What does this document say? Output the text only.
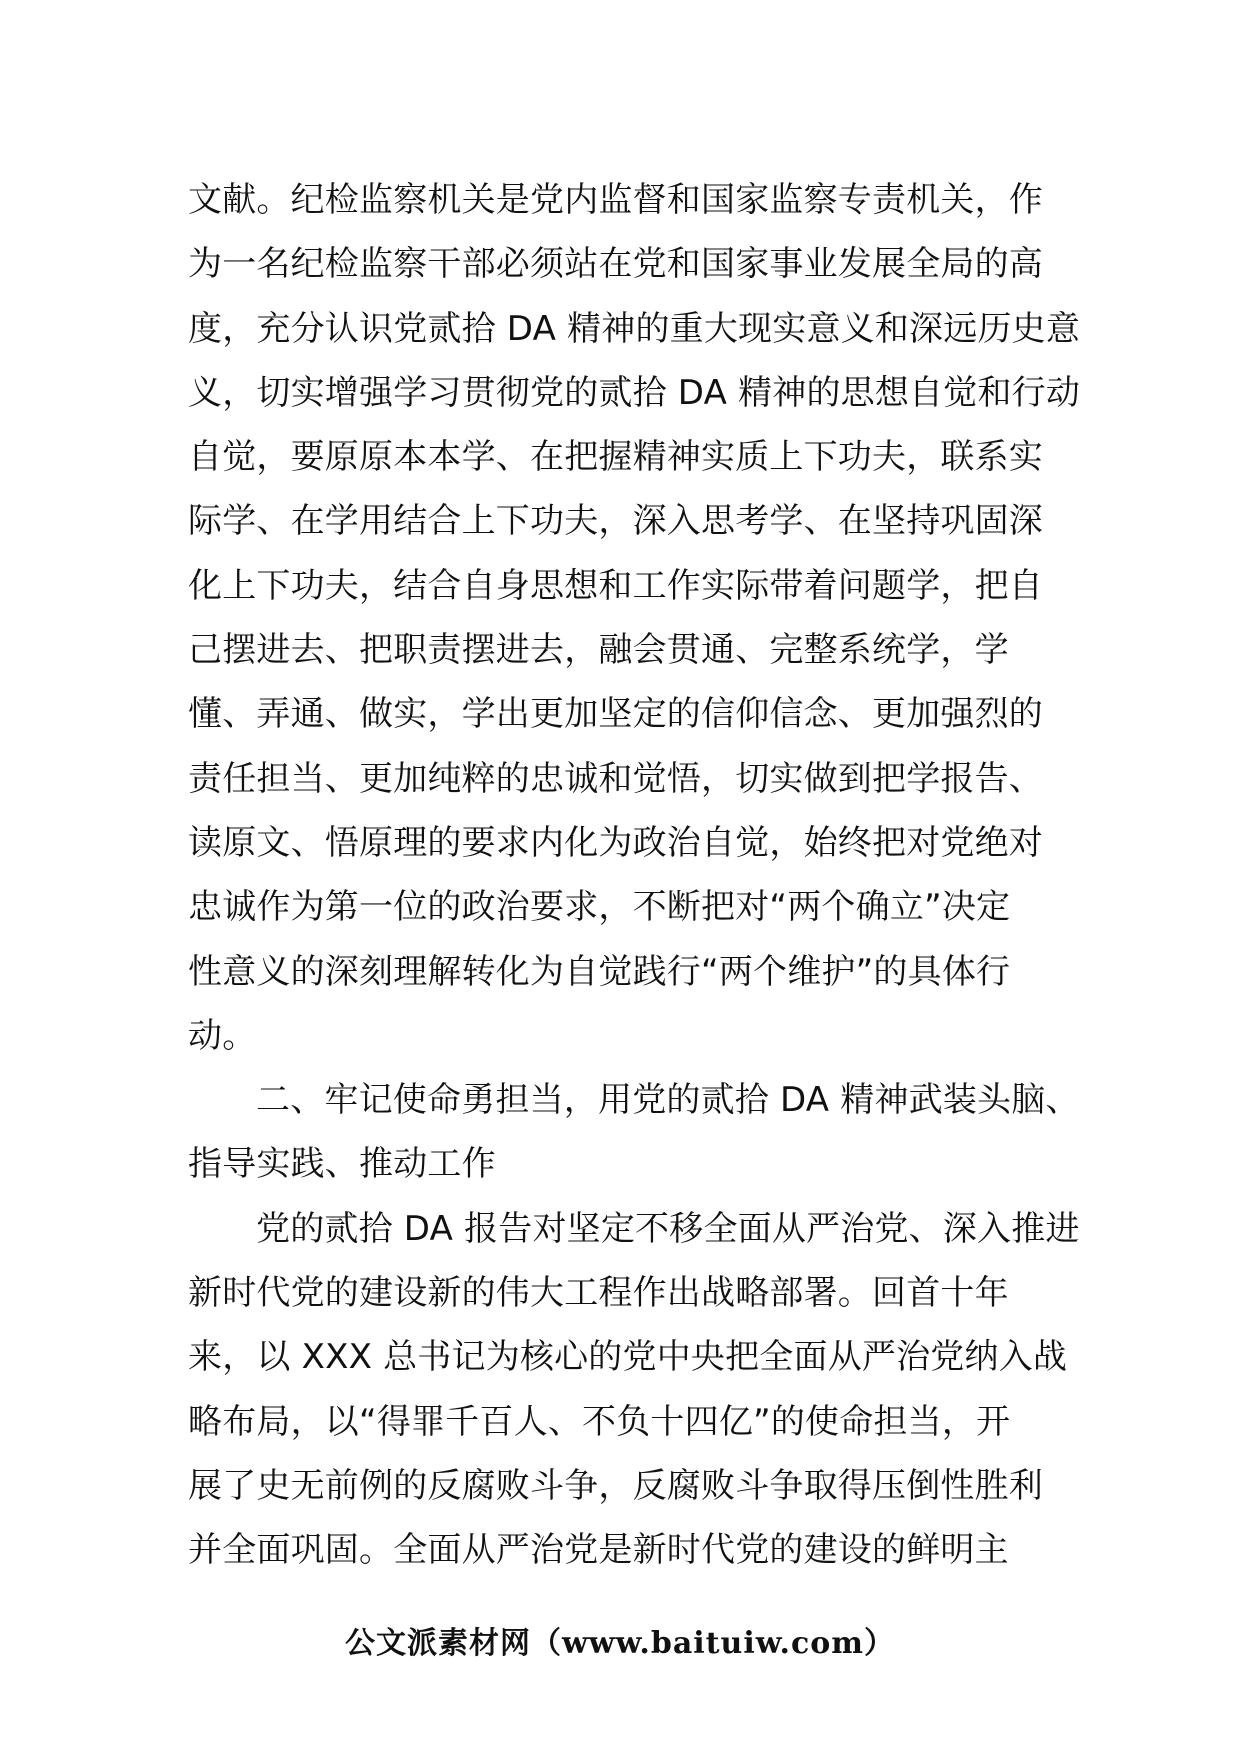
文献。纪检监察机关是党内监督和国家监察专责机关，作
为一名纪检监察干部必须站在党和国家事业发展全局的高
度，充分认识党贰拾 DA 精神的重大现实意义和深远历史意
义，切实增强学习贯彻党的贰拾 DA 精神的思想自觉和行动
自觉，要原原本本学、在把握精神实质上下功夫，联系实
际学、在学用结合上下功夫，深入思考学、在坚持巩固深
化上下功夫，结合自身思想和工作实际带着问题学，把自
己摆进去、把职责摆进去，融会贯通、完整系统学，学
懂、弄通、做实，学出更加坚定的信仰信念、更加强烈的
责任担当、更加纯粹的忠诚和觉悟，切实做到把学报告、
读原文、悟原理的要求内化为政治自觉，始终把对党绝对
忠诚作为第一位的政治要求，不断把对“两个确立”决定
性意义的深刻理解转化为自觉践行“两个维护”的具体行
动。
二、牢记使命勇担当，用党的贰拾 DA 精神武装头脑、
指导实践、推动工作
党的贰拾 DA 报告对坚定不移全面从严治党、深入推进
新时代党的建设新的伟大工程作出战略部署。回首十年
来，以 XXX 总书记为核心的党中央把全面从严治党纳入战
略布局，以“得罪千百人、不负十四亿”的使命担当，开
展了史无前例的反腐败斗争，反腐败斗争取得压倒性胜利
并全面巩固。全面从严治党是新时代党的建设的鲜明主
公文派素材网（www.baituiw.com）
